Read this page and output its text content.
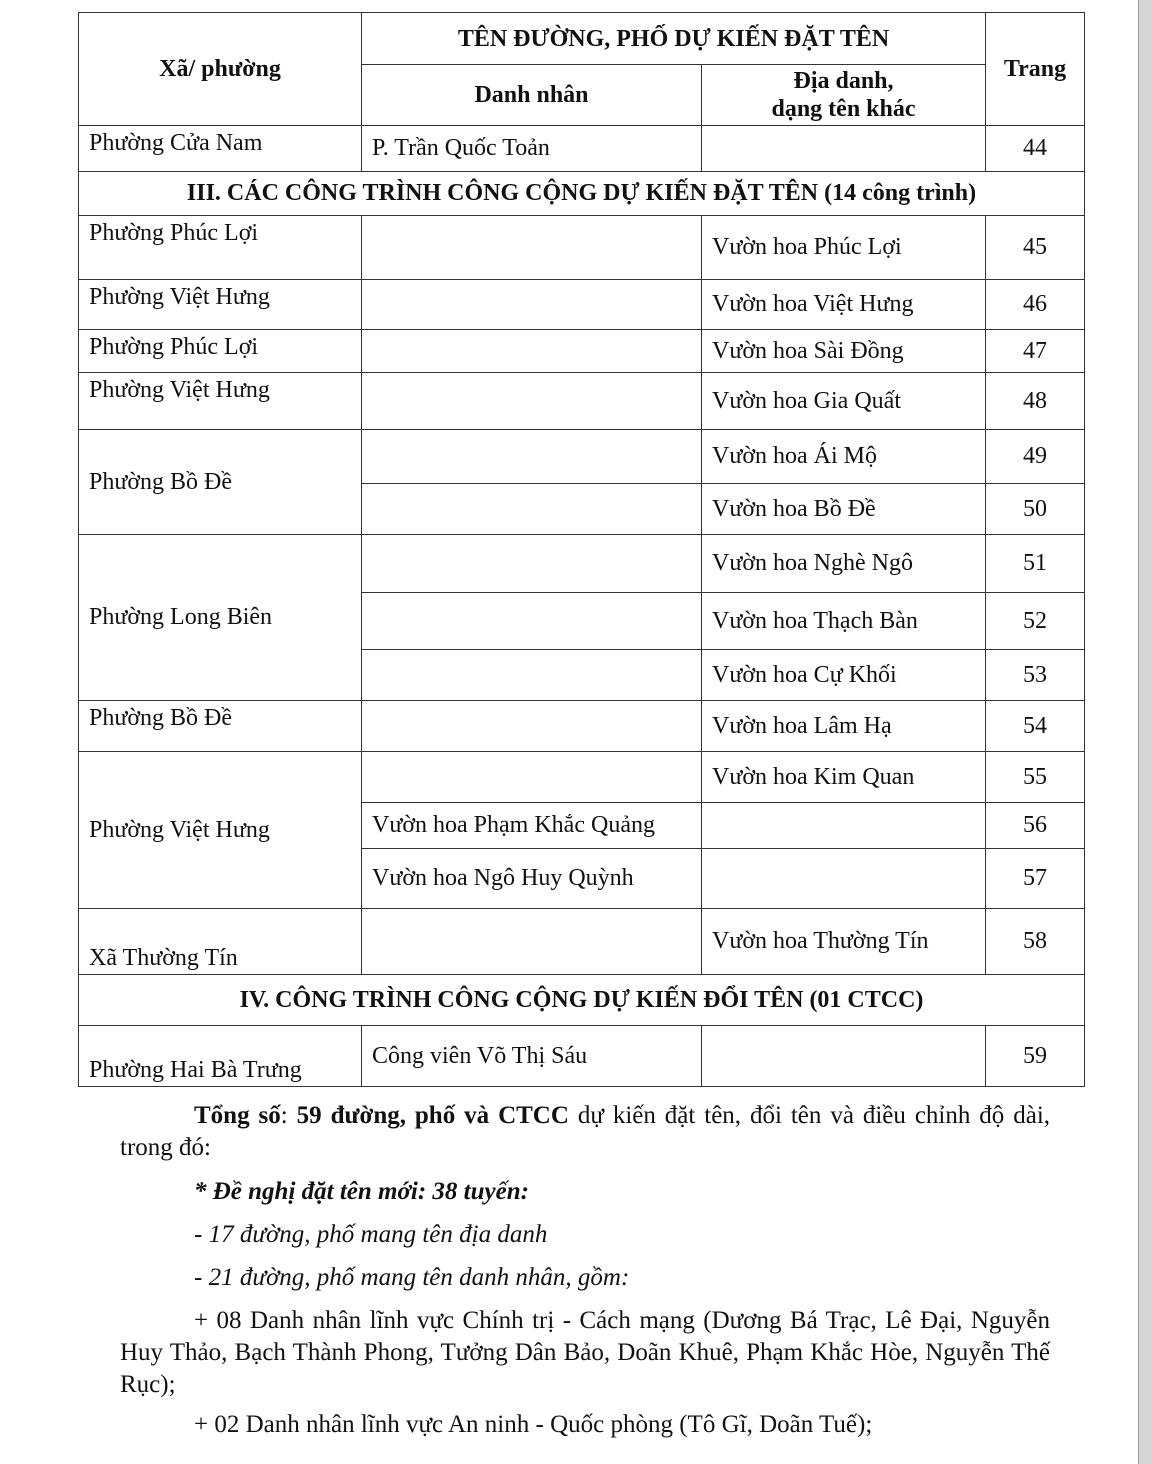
Xã/ phường	TÊN ĐƯỜNG, PHỐ DỰ KIẾN ĐẶT TÊN		Trang
	Danh nhân	Địa danh,
dạng tên khác	

Phường Cửa Nam	P. Trần Quốc Toản		44
III. CÁC CÔNG TRÌNH CÔNG CỘNG DỰ KIẾN ĐẶT TÊN (14 công trình)			
Phường Phúc Lợi		Vườn hoa Phúc Lợi	45
Phường Việt Hưng		Vườn hoa Việt Hưng	46
Phường Phúc Lợi		Vườn hoa Sài Đồng	47
Phường Việt Hưng		Vườn hoa Gia Quất	48
Phường Bồ Đề		Vườn hoa Ái Mộ	49
		Vườn hoa Bồ Đề	50
Phường Long Biên		Vườn hoa Nghè Ngô	51
		Vườn hoa Thạch Bàn	52
		Vườn hoa Cự Khối	53
Phường Bồ Đề		Vườn hoa Lâm Hạ	54
Phường Việt Hưng		Vườn hoa Kim Quan	55
	Vườn hoa Phạm Khắc Quảng		56
	Vườn hoa Ngô Huy Quỳnh		57
Xã Thường Tín		Vườn hoa Thường Tín	58
IV. CÔNG TRÌNH CÔNG CỘNG DỰ KIẾN ĐỔI TÊN (01 CTCC)			
Phường Hai Bà Trưng	Công viên Võ Thị Sáu		59
Tổng số: 59 đường, phố và CTCC dự kiến đặt tên, đổi tên và điều chỉnh độ dài, trong đó:
* Đề nghị đặt tên mới: 38 tuyến:
- 17 đường, phố mang tên địa danh
- 21 đường, phố mang tên danh nhân, gồm:
+ 08 Danh nhân lĩnh vực Chính trị - Cách mạng (Dương Bá Trạc, Lê Đại, Nguyễn Huy Thảo, Bạch Thành Phong, Tưởng Dân Bảo, Doãn Khuê, Phạm Khắc Hòe, Nguyễn Thế Rục);
+ 02 Danh nhân lĩnh vực An ninh - Quốc phòng (Tô Gĩ, Doãn Tuế);
